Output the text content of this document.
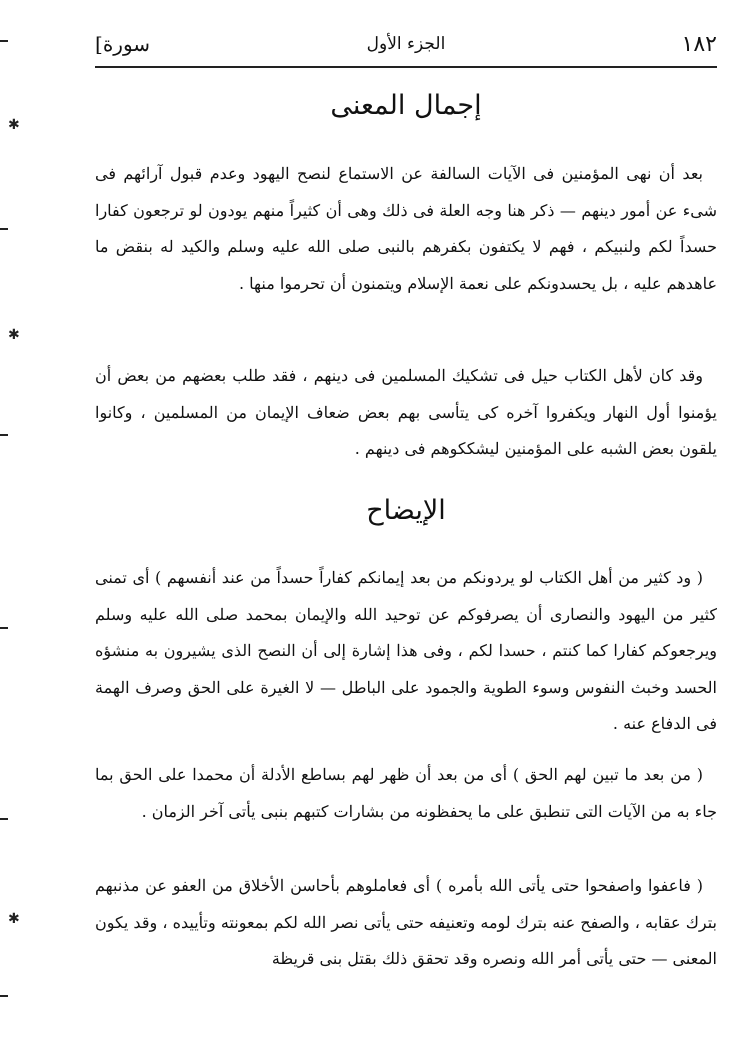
١٨٢
الجزء الأول
[سورة
إجمال المعنى
بعد أن نهى المؤمنين فى الآيات السالفة عن الاستماع لنصح اليهود وعدم قبول آرائهم فى شىء عن أمور دينهم — ذكر هنا وجه العلة فى ذلك وهى أن كثيراً منهم يودون لو ترجعون كفارا حسداً لكم ولنبيكم ، فهم لا يكتفون بكفرهم بالنبى صلى الله عليه وسلم والكيد له بنقض ما عاهدهم عليه ، بل يحسدونكم على نعمة الإسلام ويتمنون أن تحرموا منها .
وقد كان لأهل الكتاب حيل فى تشكيك المسلمين فى دينهم ، فقد طلب بعضهم من بعض أن يؤمنوا أول النهار ويكفروا آخره كى يتأسى بهم بعض ضعاف الإيمان من المسلمين ، وكانوا يلقون بعض الشبه على المؤمنين ليشككوهم فى دينهم .
الإيضاح
( ود كثير من أهل الكتاب لو يردونكم من بعد إيمانكم كفاراً حسداً من عند أنفسهم ) أى تمنى كثير من اليهود والنصارى أن يصرفوكم عن توحيد الله والإيمان بمحمد صلى الله عليه وسلم ويرجعوكم كفارا كما كنتم ، حسدا لكم ، وفى هذا إشارة إلى أن النصح الذى يشيرون به منشؤه الحسد وخبث النفوس وسوء الطوية والجمود على الباطل — لا الغيرة على الحق وصرف الهمة فى الدفاع عنه .
( من بعد ما تبين لهم الحق ) أى من بعد أن ظهر لهم بساطع الأدلة أن محمدا على الحق بما جاء به من الآيات التى تنطبق على ما يحفظونه من بشارات كتبهم بنبى يأتى آخر الزمان .
( فاعفوا واصفحوا حتى يأتى الله بأمره ) أى فعاملوهم بأحاسن الأخلاق من العفو عن مذنبهم بترك عقابه ، والصفح عنه بترك لومه وتعنيفه حتى يأتى نصر الله لكم بمعونته وتأييده ، وقد يكون المعنى — حتى يأتى أمر الله ونصره وقد تحقق ذلك بقتل بنى قريظة
✱
✱
✱
